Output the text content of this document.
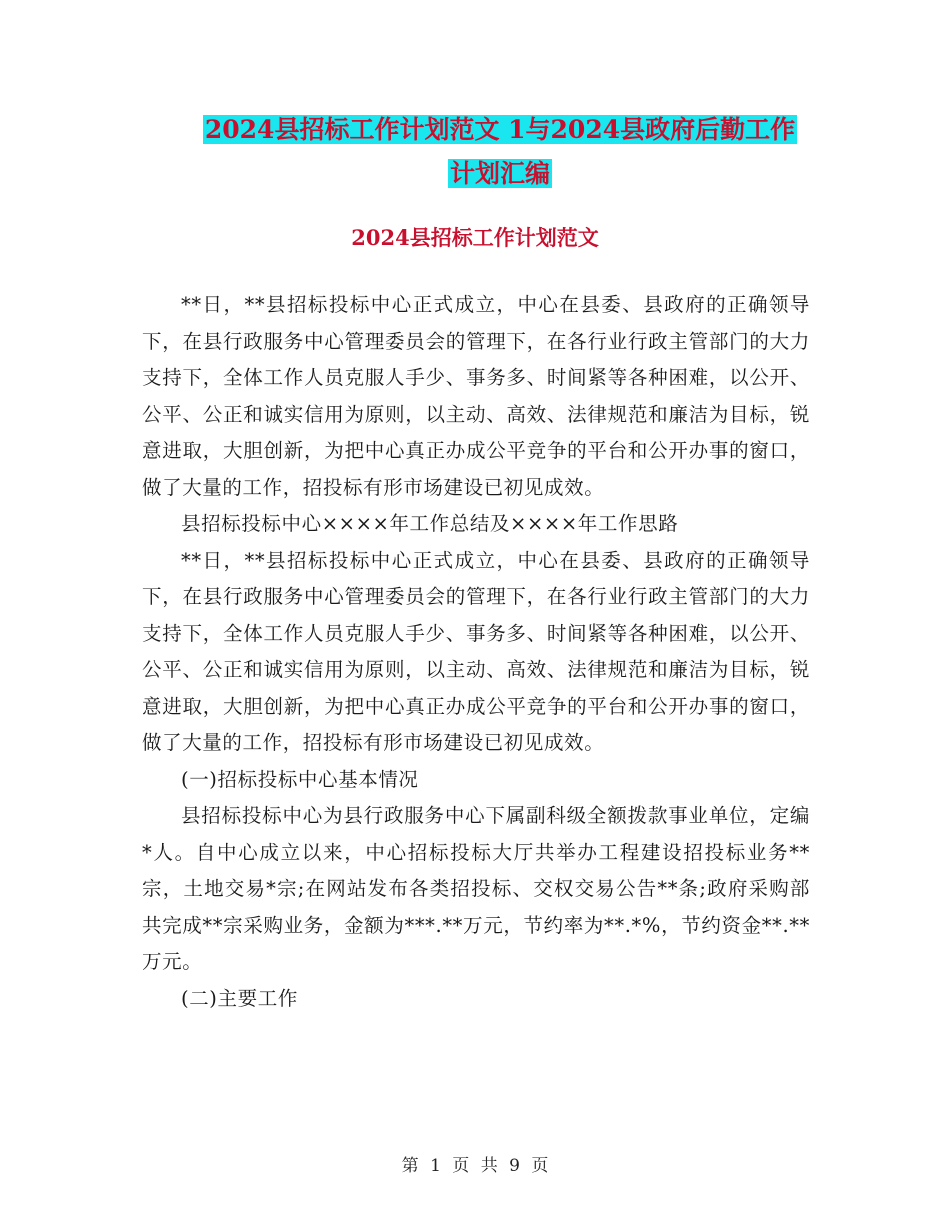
2024县招标工作计划范文 1与2024县政府后勤工作
计划汇编
2024县招标工作计划范文

**日，**县招标投标中心正式成立，中心在县委、县政府的正确领导下，在县行政服务中心管理委员会的管理下，在各行业行政主管部门的大力支持下，全体工作人员克服人手少、事务多、时间紧等各种困难，以公开、公平、公正和诚实信用为原则，以主动、高效、法律规范和廉洁为目标，锐意进取，大胆创新，为把中心真正办成公平竞争的平台和公开办事的窗口，做了大量的工作，招投标有形市场建设已初见成效。

县招标投标中心××××年工作总结及××××年工作思路

**日，**县招标投标中心正式成立，中心在县委、县政府的正确领导下，在县行政服务中心管理委员会的管理下，在各行业行政主管部门的大力支持下，全体工作人员克服人手少、事务多、时间紧等各种困难，以公开、公平、公正和诚实信用为原则，以主动、高效、法律规范和廉洁为目标，锐意进取，大胆创新，为把中心真正办成公平竞争的平台和公开办事的窗口，做了大量的工作，招投标有形市场建设已初见成效。

(一)招标投标中心基本情况

县招标投标中心为县行政服务中心下属副科级全额拨款事业单位，定编*人。自中心成立以来，中心招标投标大厅共举办工程建设招投标业务**宗，土地交易*宗;在网站发布各类招投标、交权交易公告**条;政府采购部共完成**宗采购业务，金额为***.**万元，节约率为**.*%，节约资金**.**万元。

(二)主要工作

第 1 页 共 9 页
